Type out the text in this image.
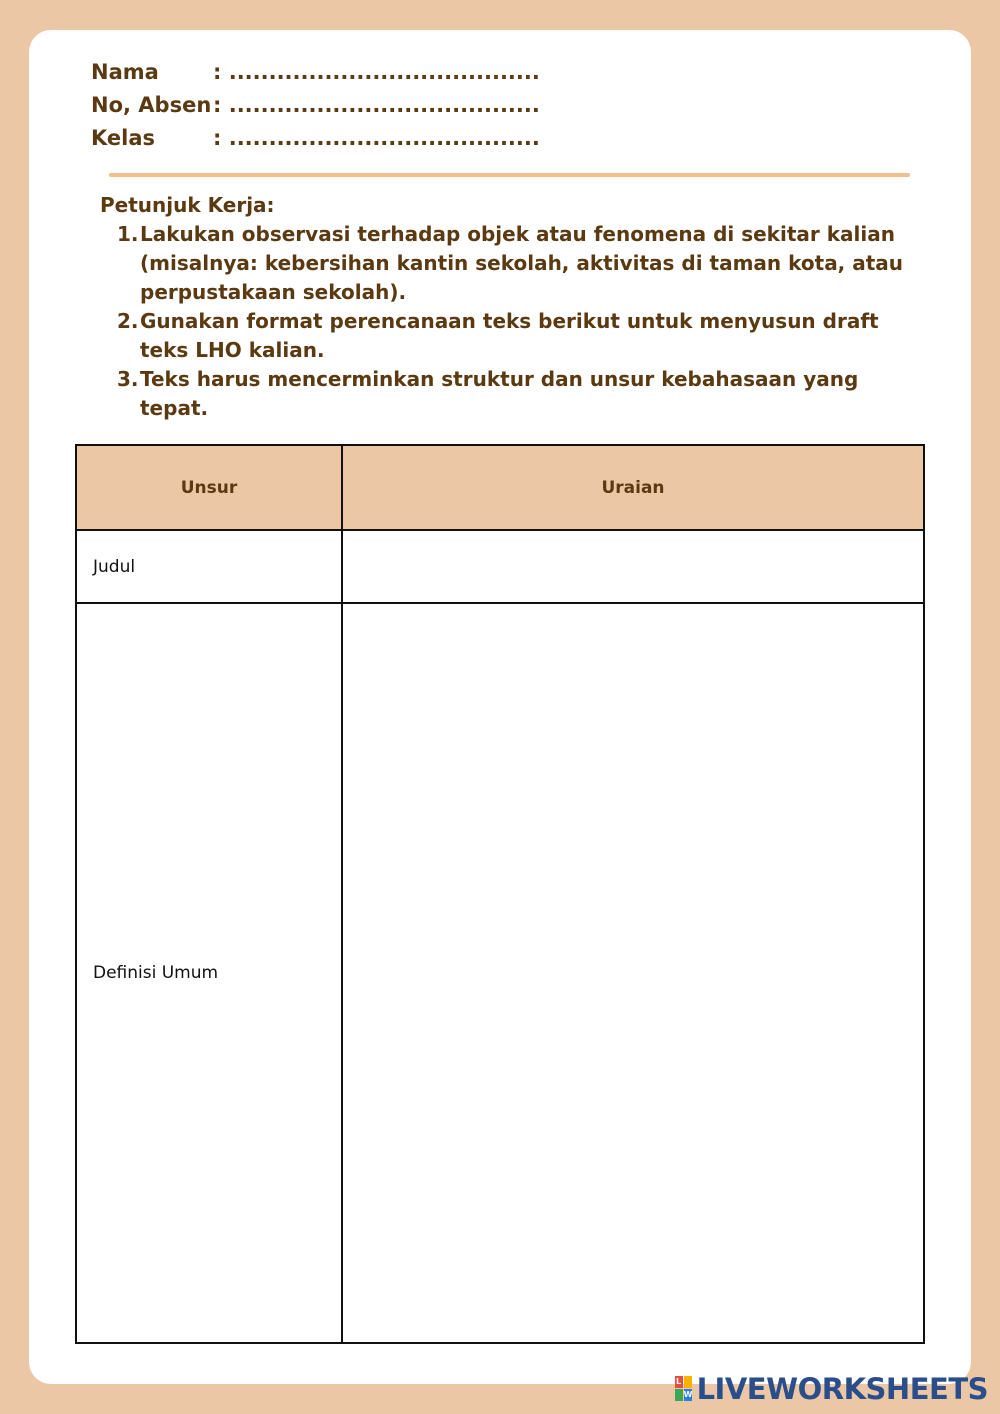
Nama	: .......................................
No, Absen: .......................................
Kelas	: .......................................
Petunjuk Kerja:
1. Lakukan observasi terhadap objek atau fenomena di sekitar kalian (misalnya: kebersihan kantin sekolah, aktivitas di taman kota, atau perpustakaan sekolah).
2. Gunakan format perencanaan teks berikut untuk menyusun draft teks LHO kalian.
3. Teks harus mencerminkan struktur dan unsur kebahasaan yang tepat.
Unsur	Uraian
Judul
Definisi Umum
L
W LIVEWORKSHEETS
